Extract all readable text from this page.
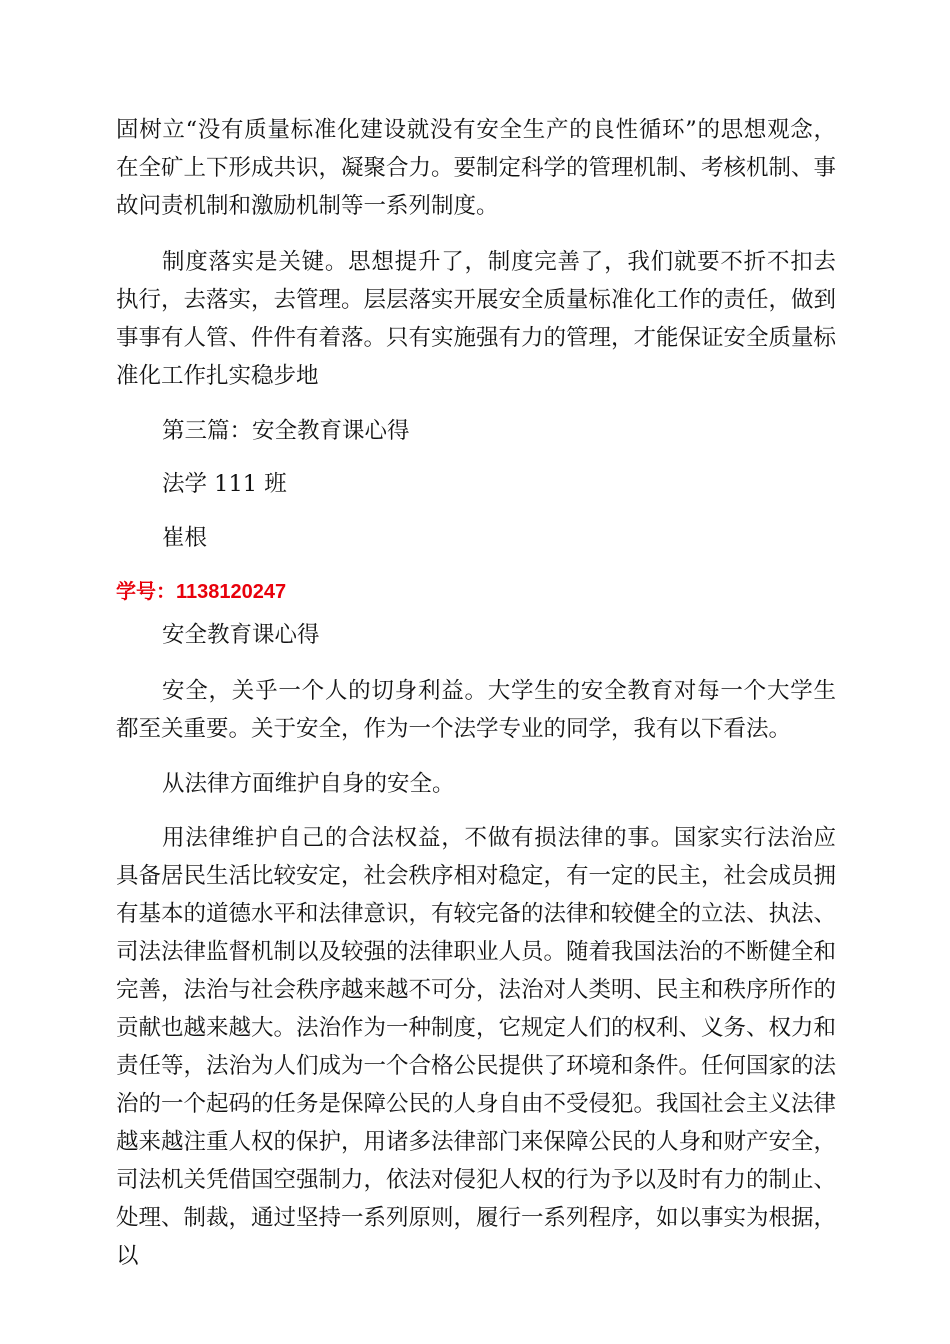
固树立“没有质量标准化建设就没有安全生产的良性循环”的思想观念，在全矿上下形成共识，凝聚合力。要制定科学的管理机制、考核机制、事故问责机制和激励机制等一系列制度。

制度落实是关键。思想提升了，制度完善了，我们就要不折不扣去执行，去落实，去管理。层层落实开展安全质量标准化工作的责任，做到事事有人管、件件有着落。只有实施强有力的管理，才能保证安全质量标准化工作扎实稳步地

第三篇：安全教育课心得

法学 111 班

崔根

学号：1138120247

安全教育课心得

安全，关乎一个人的切身利益。大学生的安全教育对每一个大学生都至关重要。关于安全，作为一个法学专业的同学，我有以下看法。

从法律方面维护自身的安全。

用法律维护自己的合法权益，不做有损法律的事。国家实行法治应具备居民生活比较安定，社会秩序相对稳定，有一定的民主，社会成员拥有基本的道德水平和法律意识，有较完备的法律和较健全的立法、执法、司法法律监督机制以及较强的法律职业人员。随着我国法治的不断健全和完善，法治与社会秩序越来越不可分，法治对人类明、民主和秩序所作的贡献也越来越大。法治作为一种制度，它规定人们的权利、义务、权力和责任等，法治为人们成为一个合格公民提供了环境和条件。任何国家的法治的一个起码的任务是保障公民的人身自由不受侵犯。我国社会主义法律越来越注重人权的保护，用诸多法律部门来保障公民的人身和财产安全，司法机关凭借国空强制力，依法对侵犯人权的行为予以及时有力的制止、处理、制裁，通过坚持一系列原则，履行一系列程序，如以事实为根据，以
